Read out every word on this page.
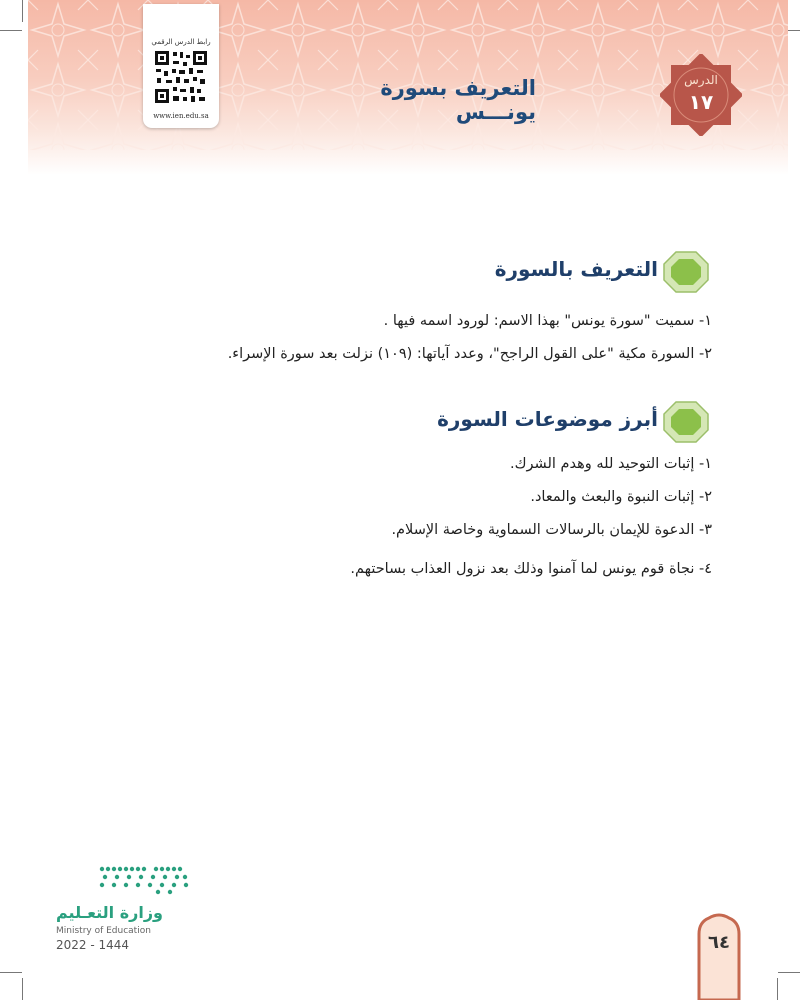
رابط الدرس الرقمي
www.ien.edu.sa
التعريف بسورة يونـــس
الدرس
١٧
التعريف بالسورة
١- سميت "سورة يونس" بهذا الاسم: لورود اسمه فيها .
٢- السورة مكية "على القول الراجح"، وعدد آياتها: (١٠٩) نزلت بعد سورة الإسراء.
أبرز موضوعات السورة
١- إثبات التوحيد لله وهدم الشرك.
٢- إثبات النبوة والبعث والمعاد.
٣- الدعوة للإيمان بالرسالات السماوية وخاصة الإسلام.
٤- نجاة قوم يونس لما آمنوا وذلك بعد نزول العذاب بساحتهم.
وزارة التعـليم
Ministry of Education
2022 - 1444	٦٤
